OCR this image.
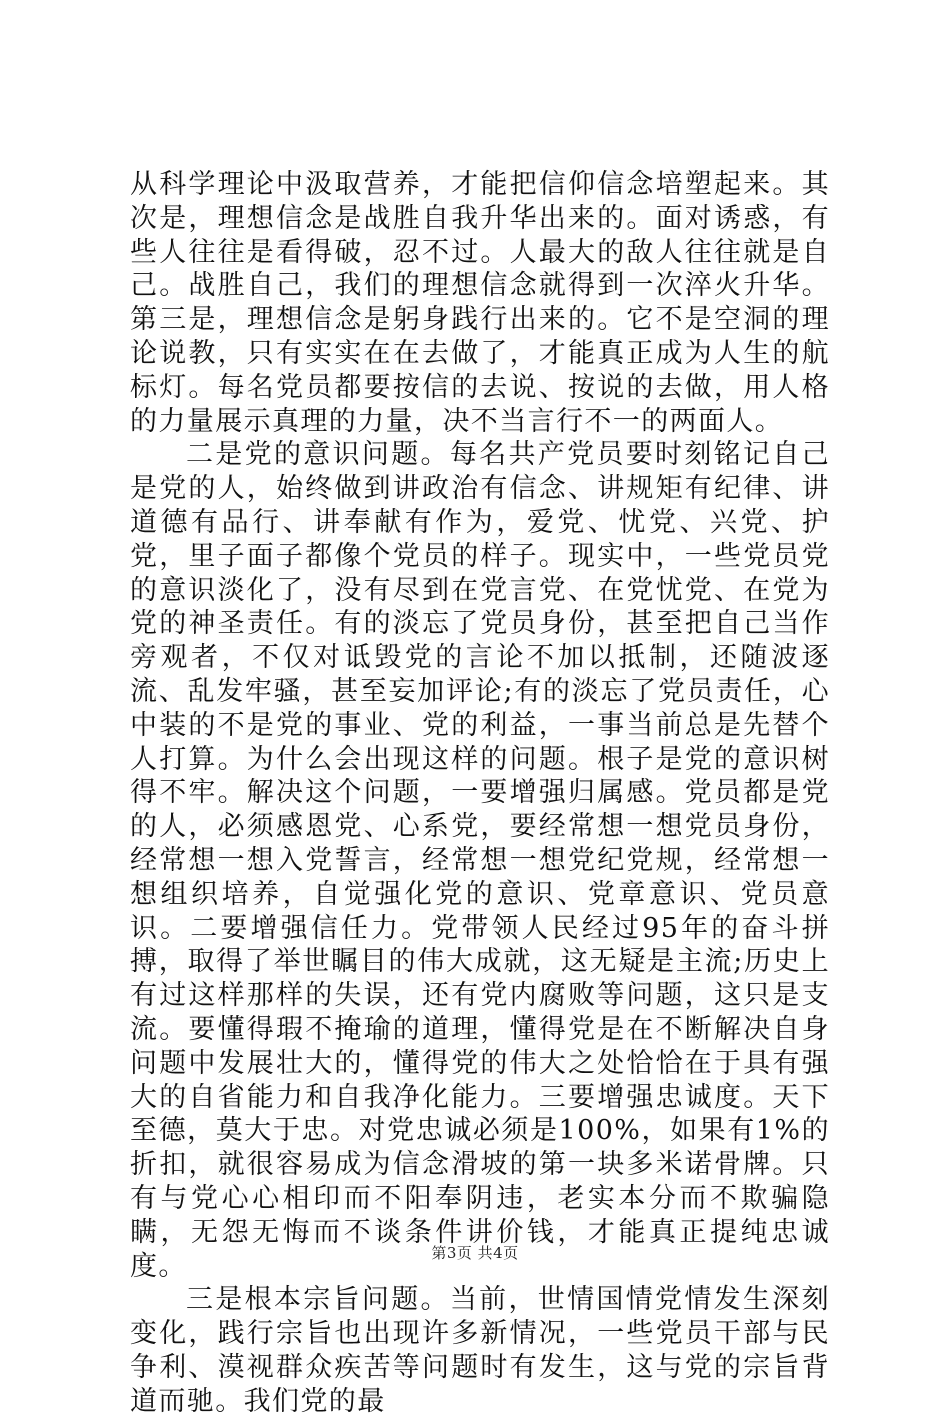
从科学理论中汲取营养，才能把信仰信念培塑起来。其次是，理想信念是战胜自我升华出来的。面对诱惑，有些人往往是看得破，忍不过。人最大的敌人往往就是自己。战胜自己，我们的理想信念就得到一次淬火升华。第三是，理想信念是躬身践行出来的。它不是空洞的理论说教，只有实实在在去做了，才能真正成为人生的航标灯。每名党员都要按信的去说、按说的去做，用人格的力量展示真理的力量，决不当言行不一的两面人。

二是党的意识问题。每名共产党员要时刻铭记自己是党的人，始终做到讲政治有信念、讲规矩有纪律、讲道德有品行、讲奉献有作为，爱党、忧党、兴党、护党，里子面子都像个党员的样子。现实中，一些党员党的意识淡化了，没有尽到在党言党、在党忧党、在党为党的神圣责任。有的淡忘了党员身份，甚至把自己当作旁观者，不仅对诋毁党的言论不加以抵制，还随波逐流、乱发牢骚，甚至妄加评论;有的淡忘了党员责任，心中装的不是党的事业、党的利益，一事当前总是先替个人打算。为什么会出现这样的问题。根子是党的意识树得不牢。解决这个问题，一要增强归属感。党员都是党的人，必须感恩党、心系党，要经常想一想党员身份，经常想一想入党誓言，经常想一想党纪党规，经常想一想组织培养，自觉强化党的意识、党章意识、党员意识。二要增强信任力。党带领人民经过95年的奋斗拼搏，取得了举世瞩目的伟大成就，这无疑是主流;历史上有过这样那样的失误，还有党内腐败等问题，这只是支流。要懂得瑕不掩瑜的道理，懂得党是在不断解决自身问题中发展壮大的，懂得党的伟大之处恰恰在于具有强大的自省能力和自我净化能力。三要增强忠诚度。天下至德，莫大于忠。对党忠诚必须是100%，如果有1%的折扣，就很容易成为信念滑坡的第一块多米诺骨牌。只有与党心心相印而不阳奉阴违，老实本分而不欺骗隐瞒，无怨无悔而不谈条件讲价钱，才能真正提纯忠诚度。

三是根本宗旨问题。当前，世情国情党情发生深刻变化，践行宗旨也出现许多新情况，一些党员干部与民争利、漠视群众疾苦等问题时有发生，这与党的宗旨背道而驰。我们党的最

第3页 共4页
